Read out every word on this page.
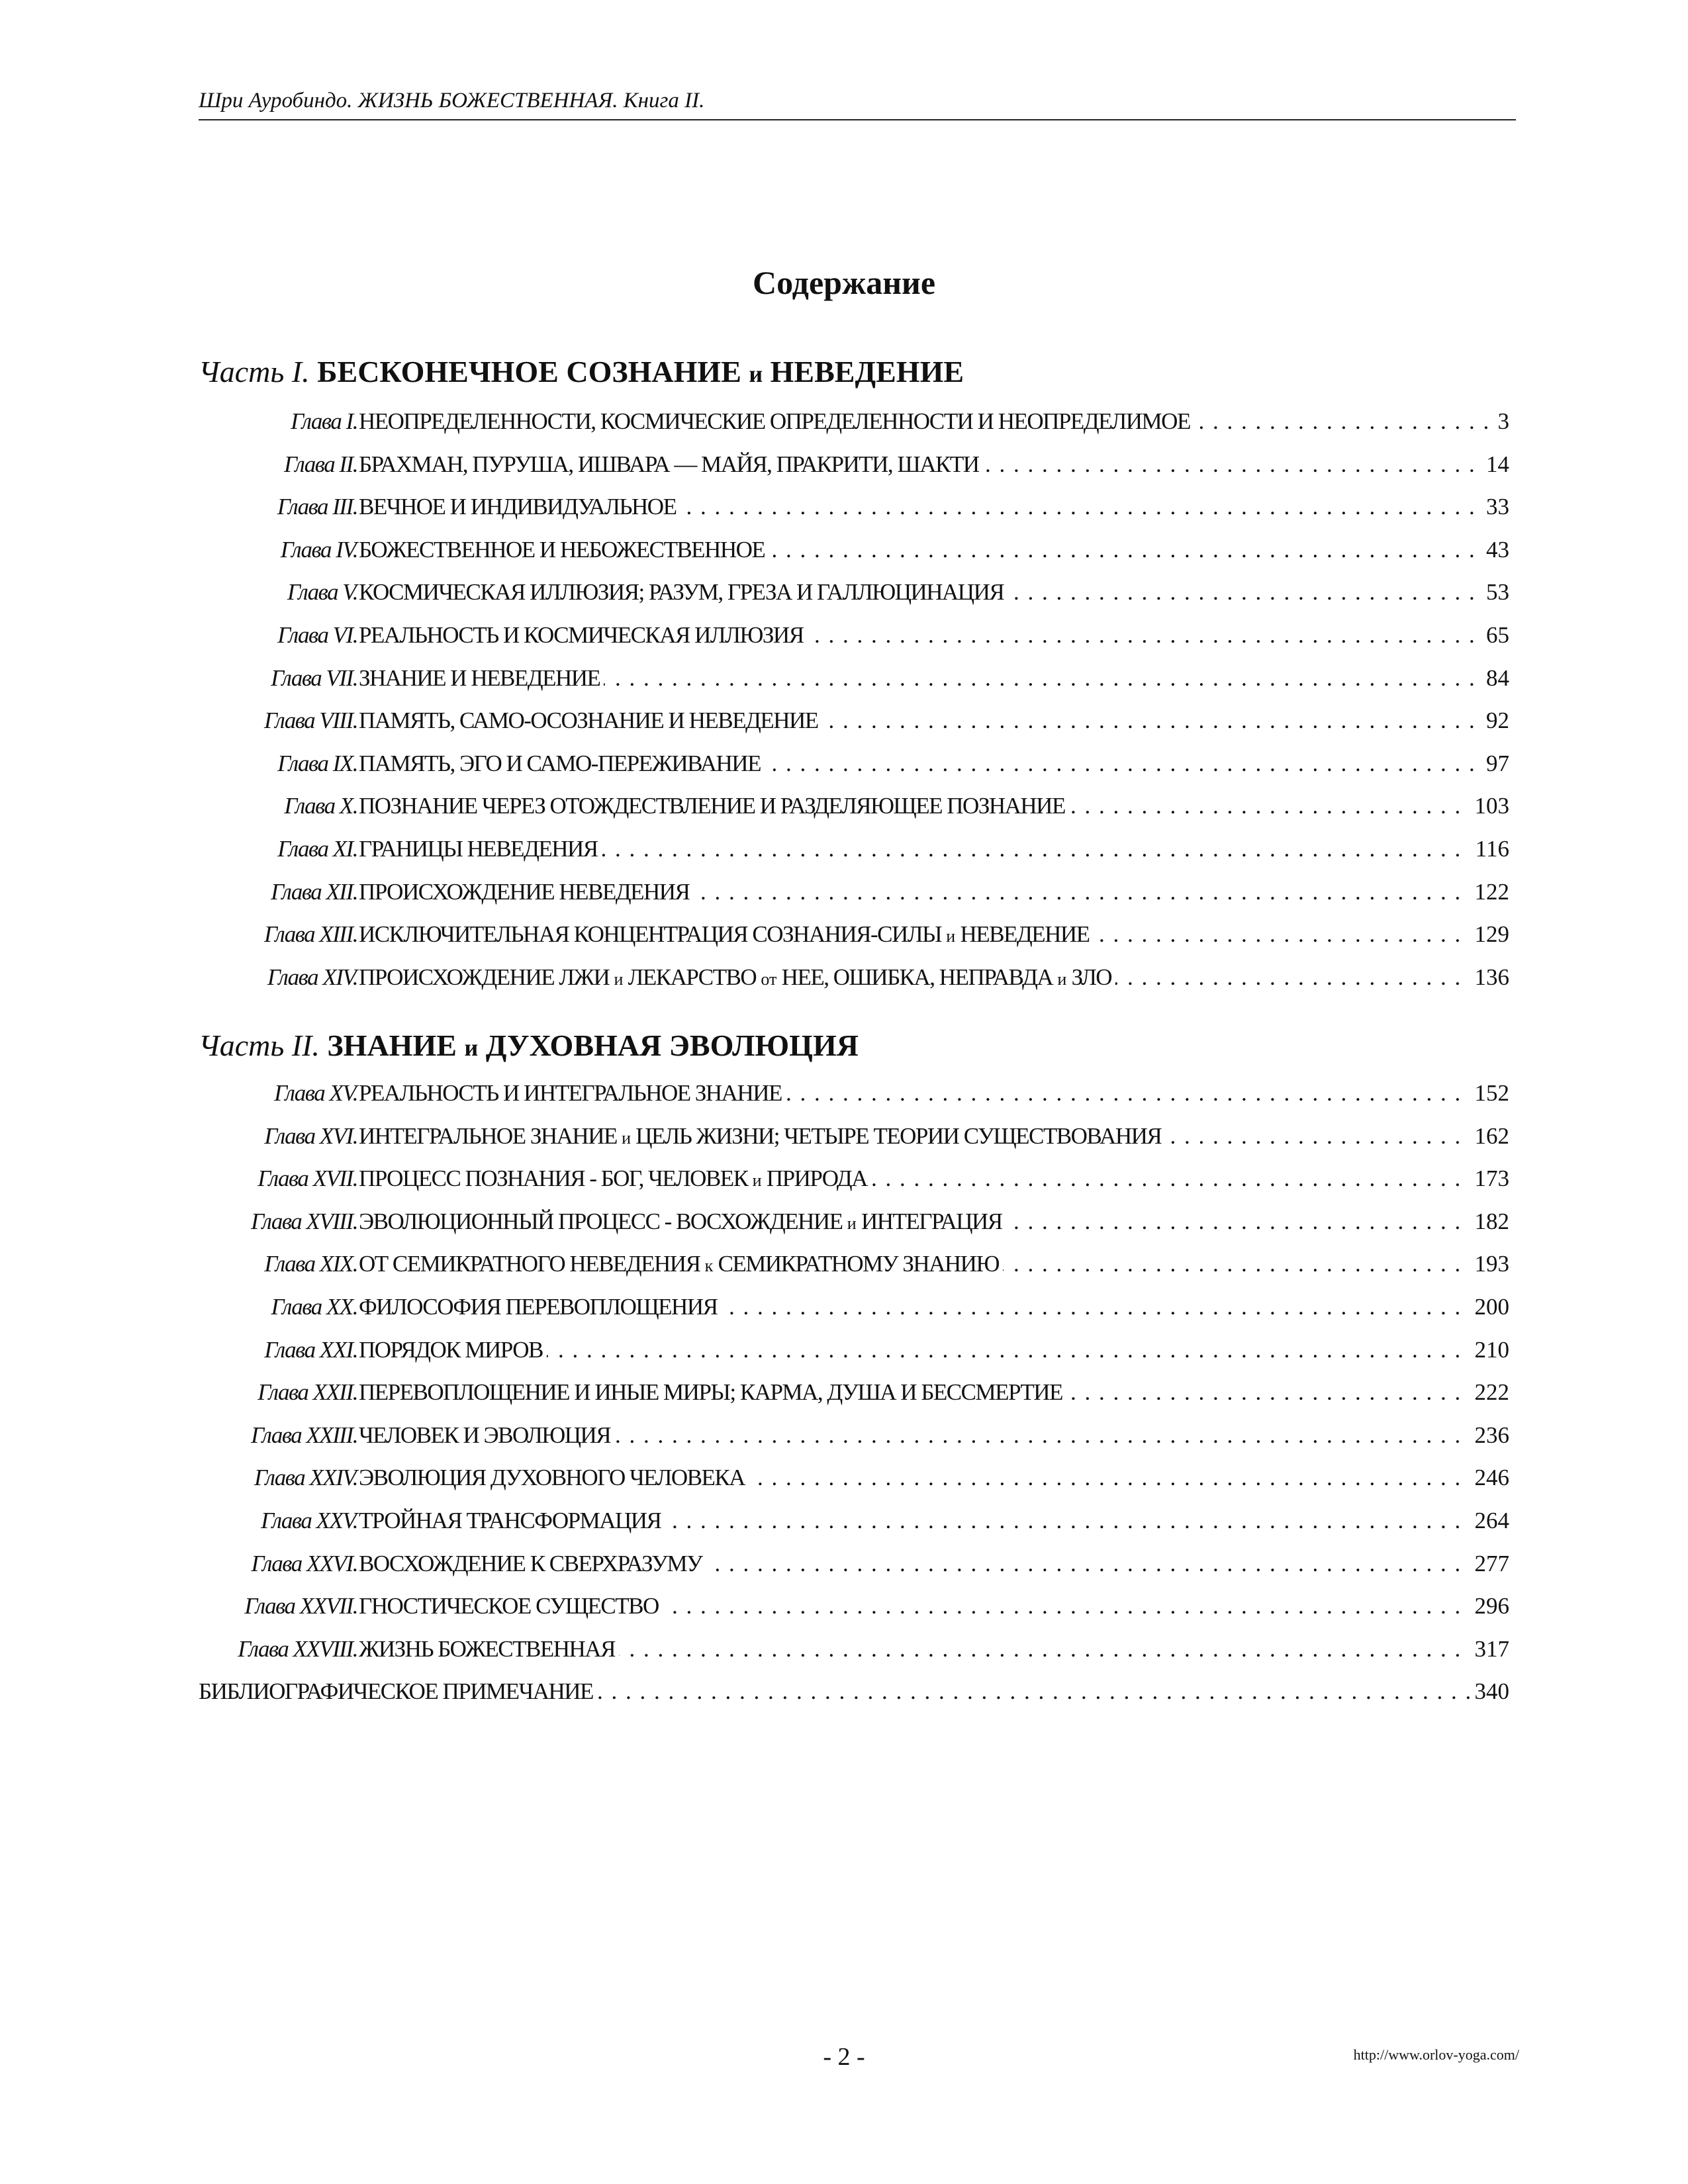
Шри Ауробиндо. ЖИЗНЬ БОЖЕСТВЕННАЯ. Книга II.
Содержание
Часть I. БЕСКОНЕЧНОЕ СОЗНАНИЕ и НЕВЕДЕНИЕ
Глава I. . . . НЕОПРЕДЕЛЕННОСТИ, КОСМИЧЕСКИЕ ОПРЕДЕЛЕННОСТИ И НЕОПРЕДЕЛИМОЕ	3
Глава II. . . . БРАХМАН, ПУРУША, ИШВАРА — МАЙЯ, ПРАКРИТИ, ШАКТИ	14
Глава III. . . . ВЕЧНОЕ И ИНДИВИДУАЛЬНОЕ	33
Глава IV. . . . БОЖЕСТВЕННОЕ И НЕБОЖЕСТВЕННОЕ	43
Глава V. . . . КОСМИЧЕСКАЯ ИЛЛЮЗИЯ; РАЗУМ, ГРЕЗА И ГАЛЛЮЦИНАЦИЯ	53
Глава VI. . . . РЕАЛЬНОСТЬ И КОСМИЧЕСКАЯ ИЛЛЮЗИЯ	65
Глава VII. . . . ЗНАНИЕ И НЕВЕДЕНИЕ	84
Глава VIII. . . . ПАМЯТЬ, САМО-ОСОЗНАНИЕ И НЕВЕДЕНИЕ	92
Глава IX. . . . ПАМЯТЬ, ЭГО И САМО-ПЕРЕЖИВАНИЕ	97
Глава X. . . . ПОЗНАНИЕ ЧЕРЕЗ ОТОЖДЕСТВЛЕНИЕ И РАЗДЕЛЯЮЩЕЕ ПОЗНАНИЕ	103
Глава XI. . . . ГРАНИЦЫ НЕВЕДЕНИЯ	116
Глава XII. . . . ПРОИСХОЖДЕНИЕ НЕВЕДЕНИЯ	122
Глава XIII. . . . ИСКЛЮЧИТЕЛЬНАЯ КОНЦЕНТРАЦИЯ СОЗНАНИЯ-СИЛЫ и НЕВЕДЕНИЕ	129
Глава XIV. . . . ПРОИСХОЖДЕНИЕ ЛЖИ и ЛЕКАРСТВО от НЕЕ, ОШИБКА, НЕПРАВДА и ЗЛО	136
Часть II. ЗНАНИЕ и ДУХОВНАЯ ЭВОЛЮЦИЯ
Глава XV. . . . РЕАЛЬНОСТЬ И ИНТЕГРАЛЬНОЕ ЗНАНИЕ	152
Глава XVI. . . . ИНТЕГРАЛЬНОЕ ЗНАНИЕ и ЦЕЛЬ ЖИЗНИ; ЧЕТЫРЕ ТЕОРИИ СУЩЕСТВОВАНИЯ	162
Глава XVII. . . . ПРОЦЕСС ПОЗНАНИЯ - БОГ, ЧЕЛОВЕК и ПРИРОДА	173
Глава XVIII. . . . ЭВОЛЮЦИОННЫЙ ПРОЦЕСС - ВОСХОЖДЕНИЕ и ИНТЕГРАЦИЯ	182
Глава XIX. . . . ОТ СЕМИКРАТНОГО НЕВЕДЕНИЯ к СЕМИКРАТНОМУ ЗНАНИЮ	193
Глава XX. . . . ФИЛОСОФИЯ ПЕРЕВОПЛОЩЕНИЯ	200
Глава XXI. . . . ПОРЯДОК МИРОВ	210
Глава XXII. . . . ПЕРЕВОПЛОЩЕНИЕ И ИНЫЕ МИРЫ; КАРМА, ДУША И БЕССМЕРТИЕ	222
Глава XXIII. . . . ЧЕЛОВЕК И ЭВОЛЮЦИЯ	236
Глава XXIV. . . . ЭВОЛЮЦИЯ ДУХОВНОГО ЧЕЛОВЕКА	246
Глава XXV. . . . ТРОЙНАЯ ТРАНСФОРМАЦИЯ	264
Глава XXVI. . . . ВОСХОЖДЕНИЕ К СВЕРХРАЗУМУ	277
Глава XXVII. . . . ГНОСТИЧЕСКОЕ СУЩЕСТВО	296
Глава XXVIII. . . . ЖИЗНЬ БОЖЕСТВЕННАЯ	317
. . .
БИБЛИОГРАФИЧЕСКОЕ ПРИМЕЧАНИЕ	340
- 2 -	http://www.orlov-yoga.com/
